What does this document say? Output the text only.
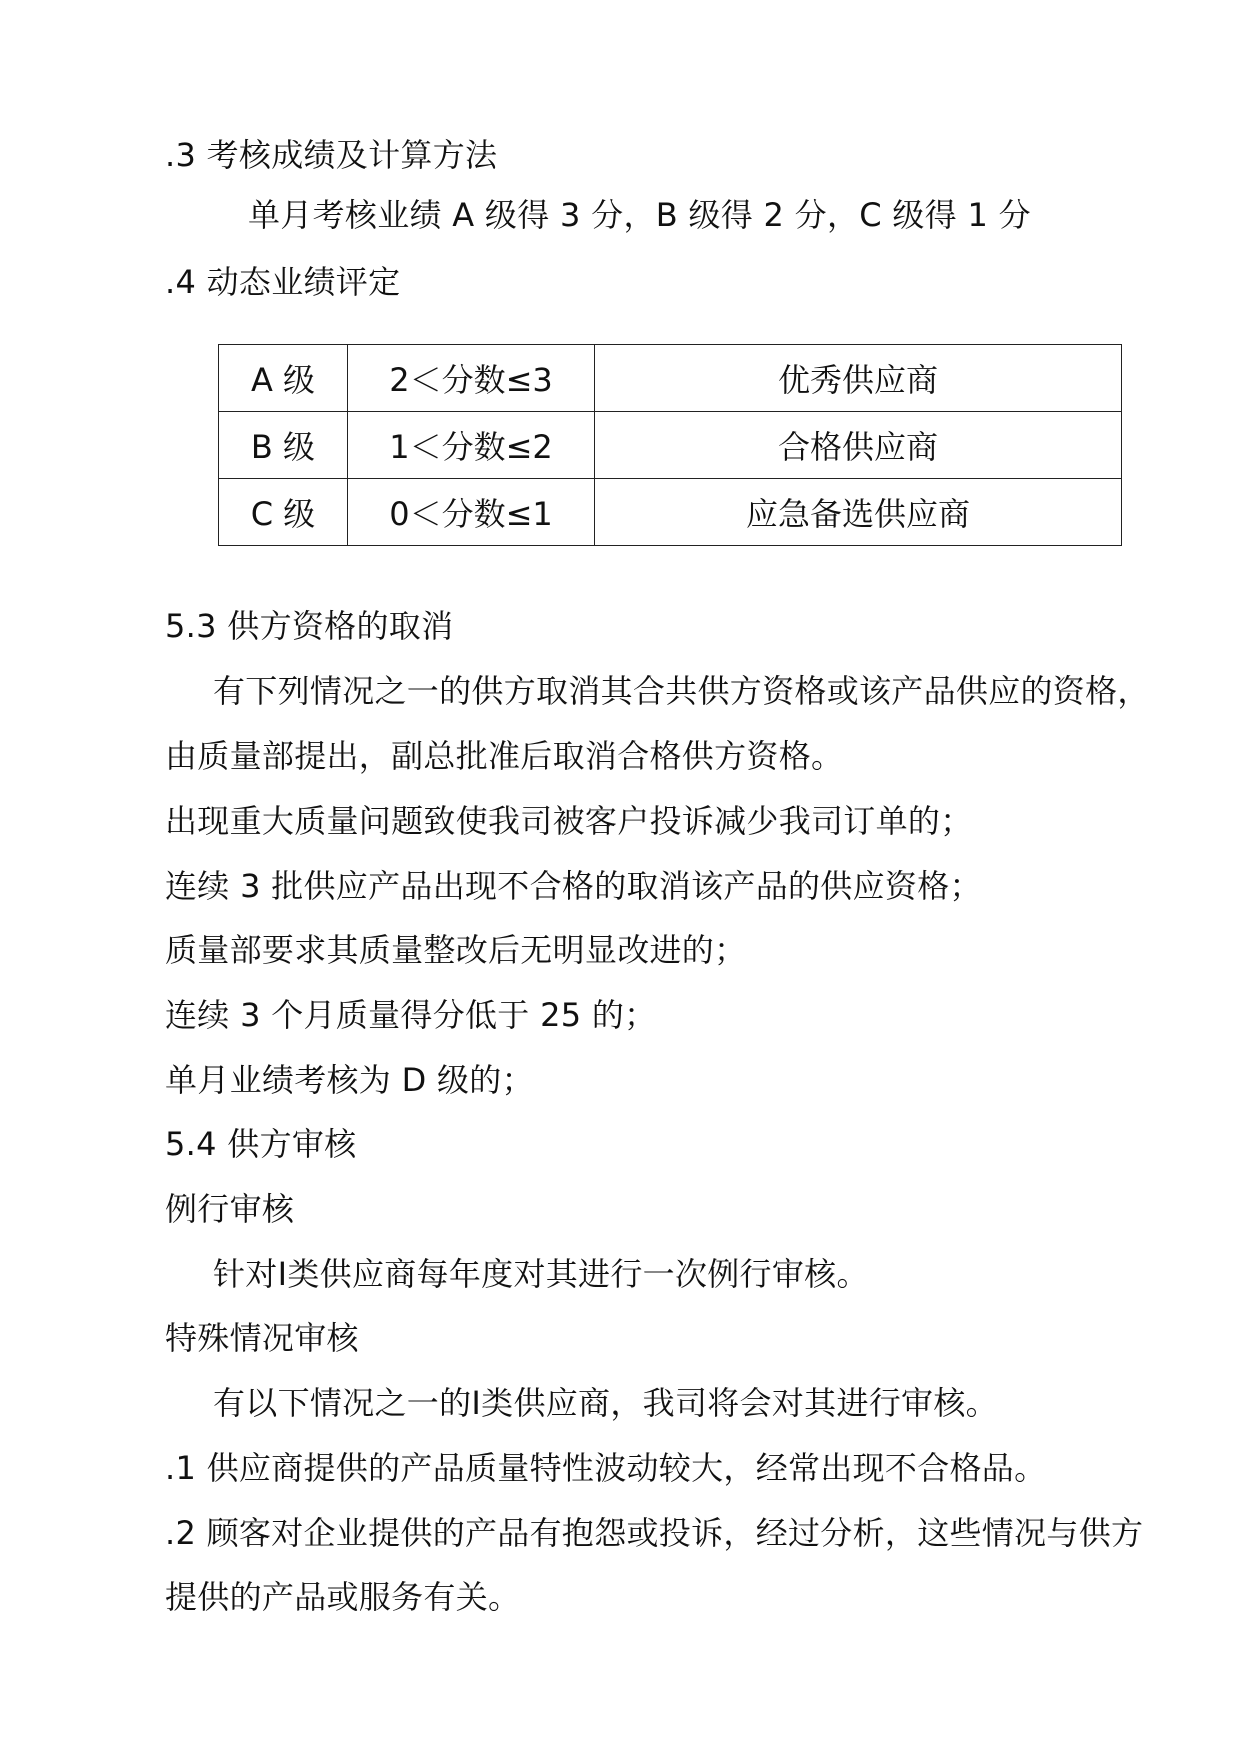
.3 考核成绩及计算方法
单月考核业绩 A 级得 3 分，B 级得 2 分，C 级得 1 分
.4 动态业绩评定
A 级	2＜分数≤3	优秀供应商
B 级	1＜分数≤2	合格供应商
C 级	0＜分数≤1	应急备选供应商
5.3 供方资格的取消
有下列情况之一的供方取消其合共供方资格或该产品供应的资格，
由质量部提出，副总批准后取消合格供方资格。
出现重大质量问题致使我司被客户投诉减少我司订单的；
连续 3 批供应产品出现不合格的取消该产品的供应资格；
质量部要求其质量整改后无明显改进的；
连续 3 个月质量得分低于 25 的；
单月业绩考核为 D 级的；
5.4 供方审核
例行审核
针对Ⅰ类供应商每年度对其进行一次例行审核。
特殊情况审核
有以下情况之一的Ⅰ类供应商，我司将会对其进行审核。
.1 供应商提供的产品质量特性波动较大，经常出现不合格品。
.2 顾客对企业提供的产品有抱怨或投诉，经过分析，这些情况与供方
提供的产品或服务有关。
